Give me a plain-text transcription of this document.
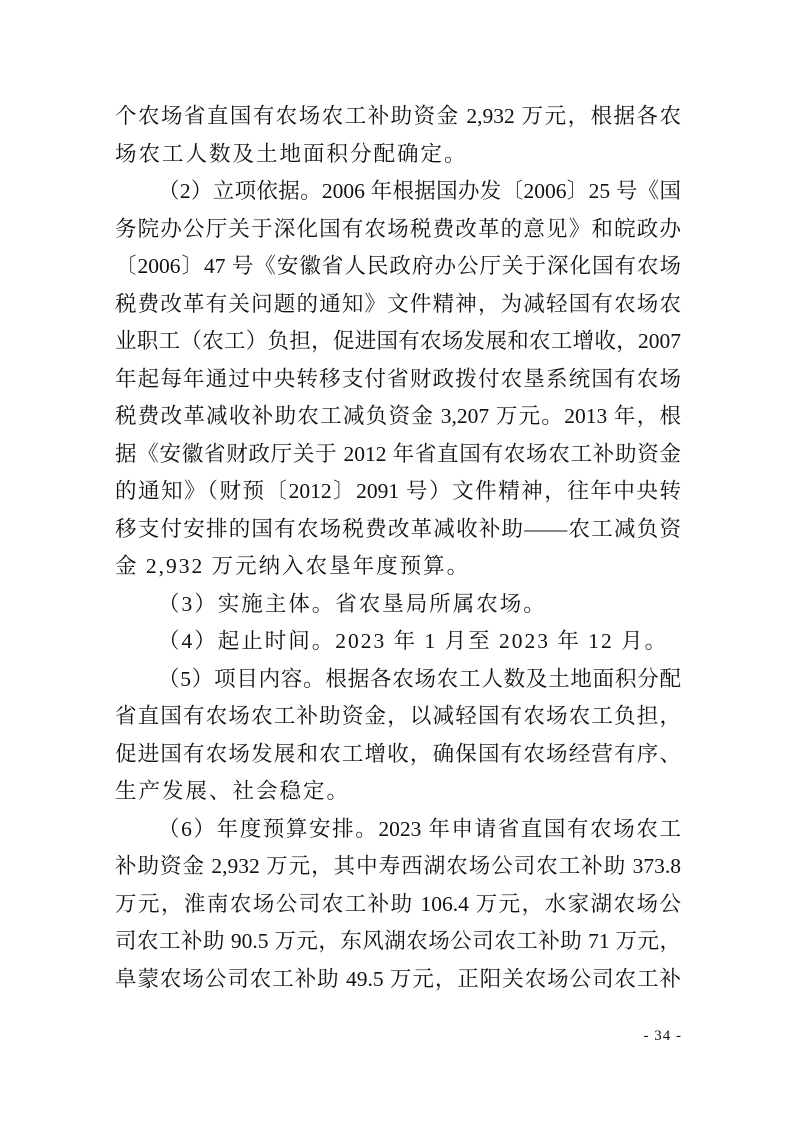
个农场省直国有农场农工补助资金 2,932 万元，根据各农
场农工人数及土地面积分配确定。
（2）立项依据。2006 年根据国办发〔2006〕25 号《国
务院办公厅关于深化国有农场税费改革的意见》和皖政办
〔2006〕47 号《安徽省人民政府办公厅关于深化国有农场
税费改革有关问题的通知》文件精神，为减轻国有农场农
业职工（农工）负担，促进国有农场发展和农工增收，2007
年起每年通过中央转移支付省财政拨付农垦系统国有农场
税费改革减收补助农工减负资金 3,207 万元。2013 年，根
据《安徽省财政厅关于 2012 年省直国有农场农工补助资金
的通知》（财预〔2012〕2091 号）文件精神，往年中央转
移支付安排的国有农场税费改革减收补助——农工减负资
金 2,932 万元纳入农垦年度预算。
（3）实施主体。省农垦局所属农场。
（4）起止时间。2023 年 1 月至 2023 年 12 月。
（5）项目内容。根据各农场农工人数及土地面积分配
省直国有农场农工补助资金，以减轻国有农场农工负担，
促进国有农场发展和农工增收，确保国有农场经营有序、
生产发展、社会稳定。
（6）年度预算安排。2023 年申请省直国有农场农工
补助资金 2,932 万元，其中寿西湖农场公司农工补助 373.8
万元，淮南农场公司农工补助 106.4 万元，水家湖农场公
司农工补助 90.5 万元，东风湖农场公司农工补助 71 万元，
阜蒙农场公司农工补助 49.5 万元，正阳关农场公司农工补
- 34 -
